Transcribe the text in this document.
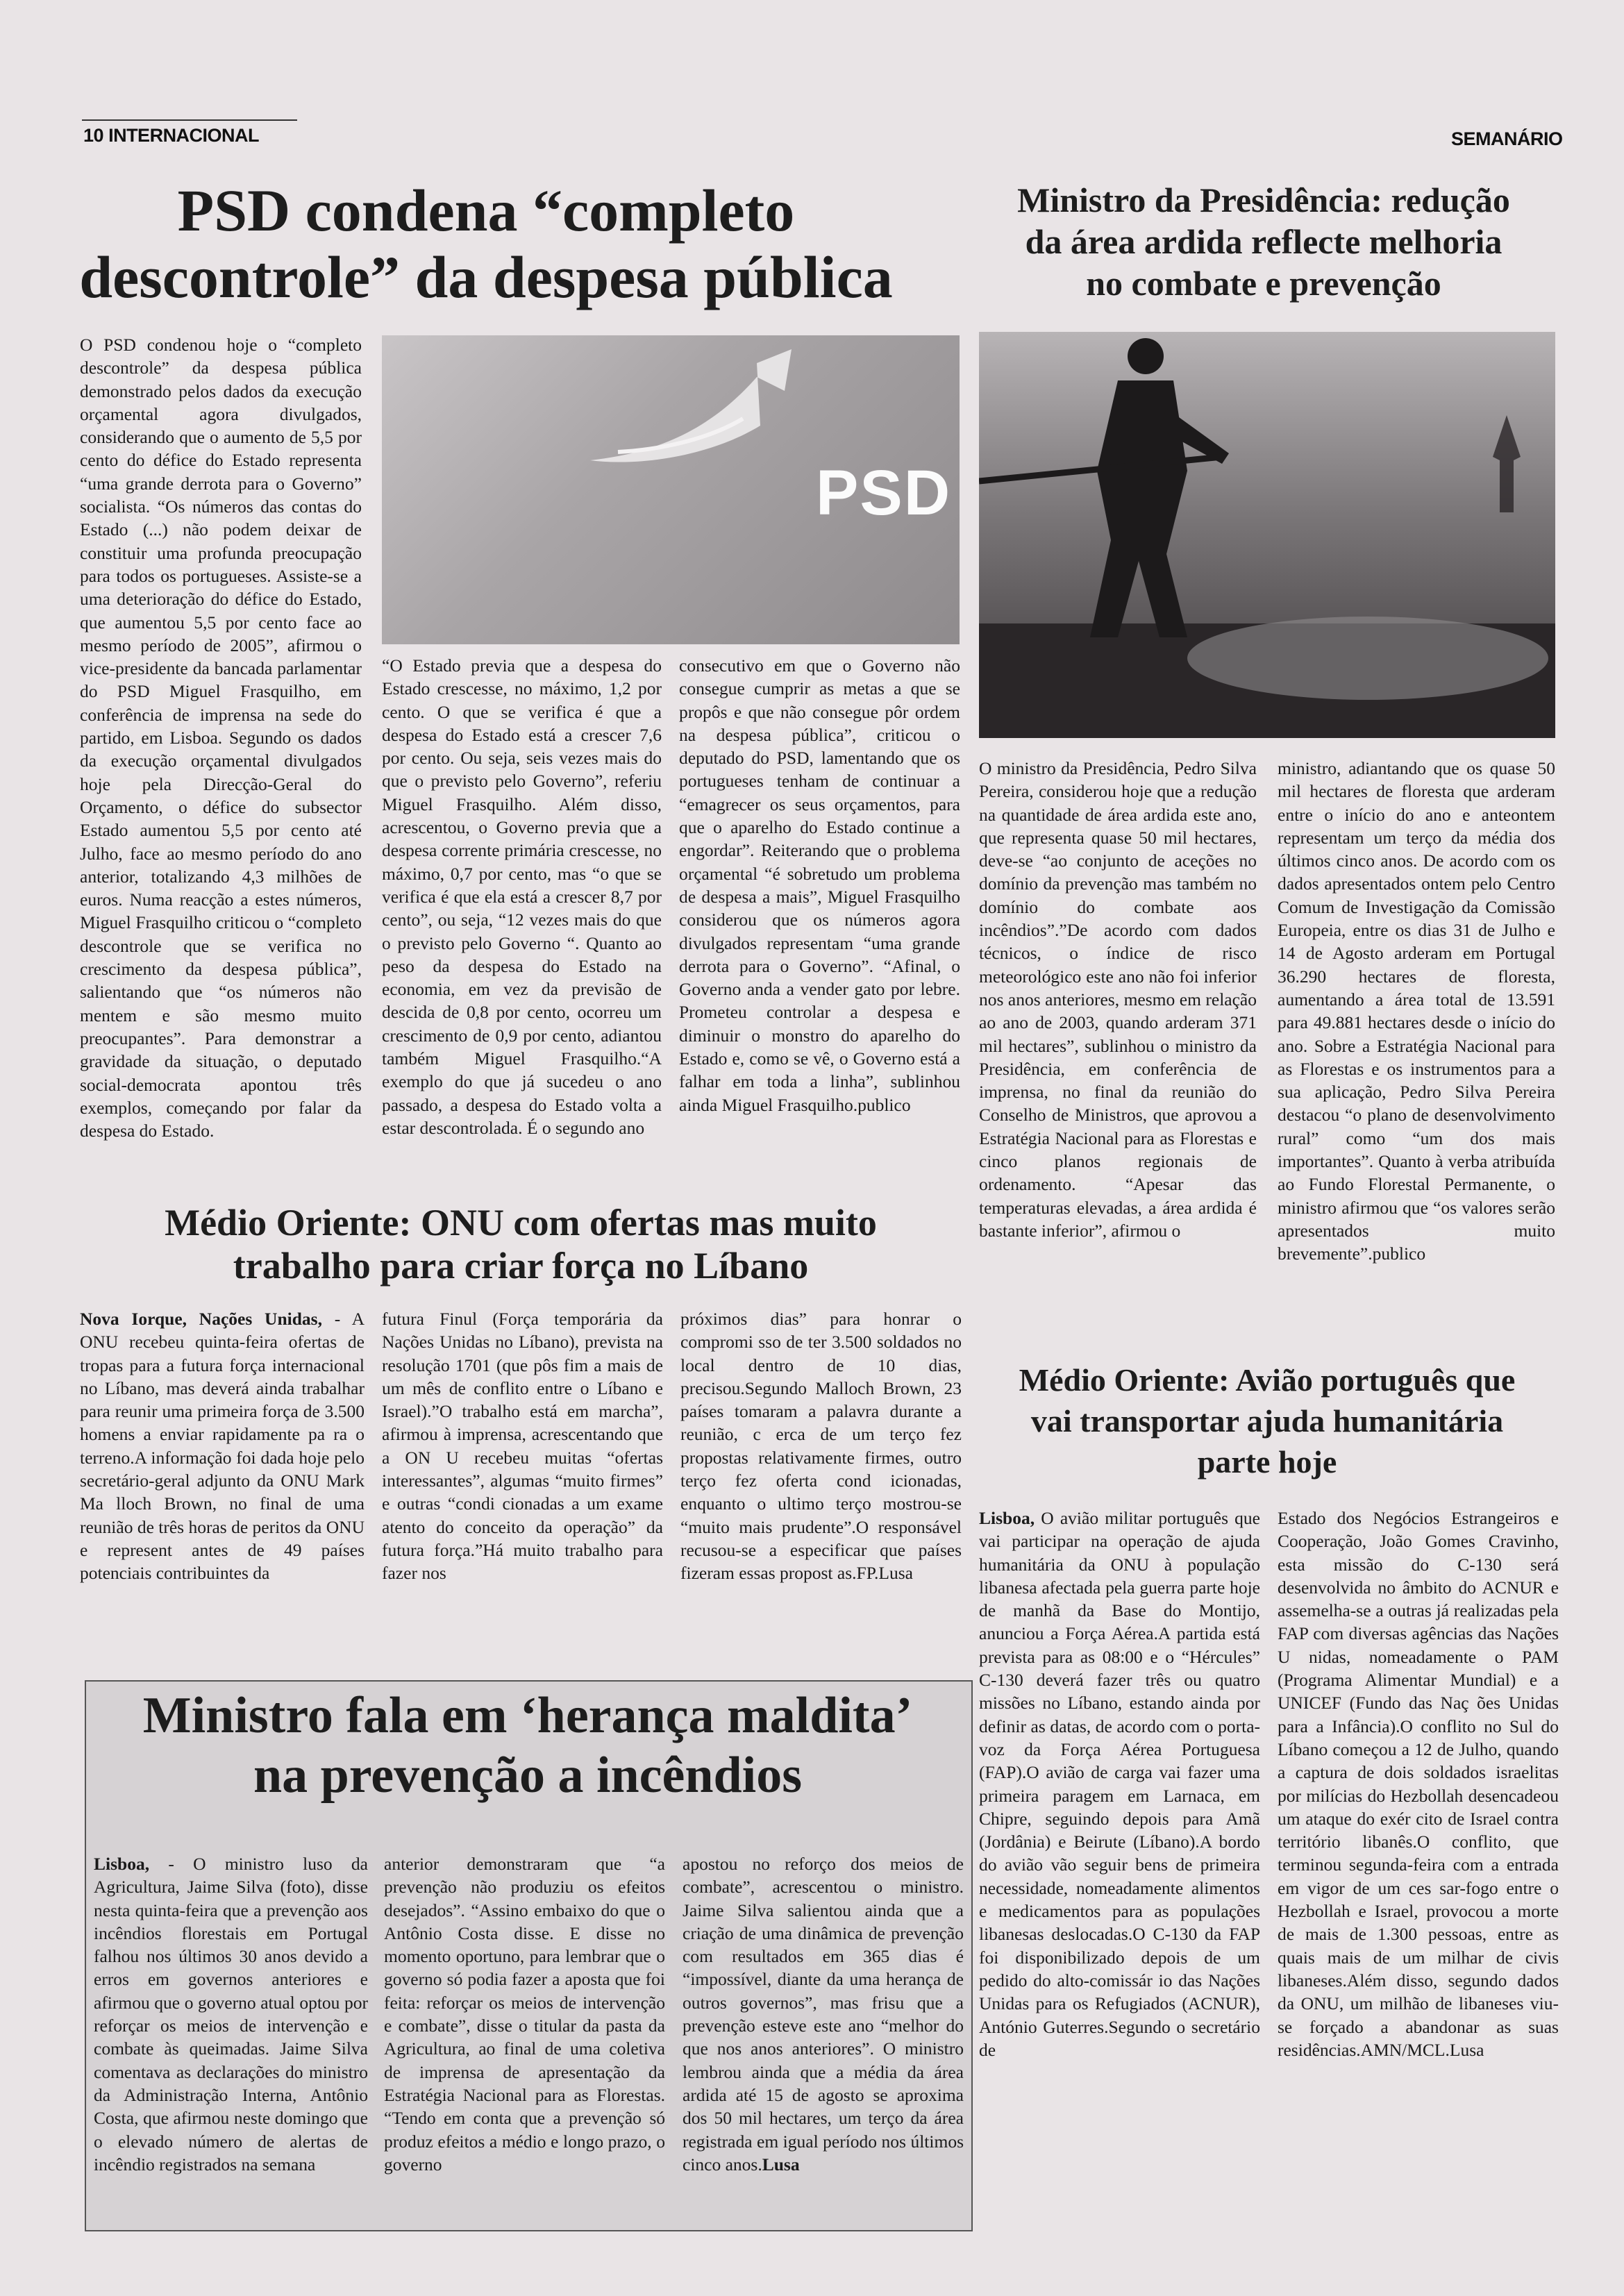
10 INTERNACIONAL	SEMANÁRIO
PSD condena “completo
descontrole” da despesa pública
PSD

O PSD condenou hoje o “completo descontrole” da despesa pública demonstrado pelos dados da execução orçamental agora divulgados, considerando que o aumento de 5,5 por cento do défice do Estado representa “uma grande derrota para o Governo” socialista. “Os números das contas do Estado (...) não podem deixar de constituir uma profunda preocupação para todos os portugueses. Assiste-se a uma deterioração do défice do Estado, que aumentou 5,5 por cento face ao mesmo período de 2005”, afirmou o vice-presidente da bancada parlamentar do PSD Miguel Frasquilho, em conferência de imprensa na sede do partido, em Lisboa. Segundo os dados da execução orçamental divulgados hoje pela Direcção-Geral do Orçamento, o défice do subsector Estado aumentou 5,5 por cento até Julho, face ao mesmo período do ano anterior, totalizando 4,3 milhões de euros. Numa reacção a estes números, Miguel Frasquilho criticou o “completo descontrole que se verifica no crescimento da despesa pública”, salientando que “os números não mentem e são mesmo muito preocupantes”. Para demonstrar a gravidade da situação, o deputado social-democrata apontou três exemplos, começando por falar da despesa do Estado.

“O Estado previa que a despesa do Estado crescesse, no máximo, 1,2 por cento. O que se verifica é que a despesa do Estado está a crescer 7,6 por cento. Ou seja, seis vezes mais do que o previsto pelo Governo”, referiu Miguel Frasquilho. Além disso, acrescentou, o Governo previa que a despesa corrente primária crescesse, no máximo, 0,7 por cento, mas “o que se verifica é que ela está a crescer 8,7 por cento”, ou seja, “12 vezes mais do que o previsto pelo Governo “. Quanto ao peso da despesa do Estado na economia, em vez da previsão de descida de 0,8 por cento, ocorreu um crescimento de 0,9 por cento, adiantou também Miguel Frasquilho.“A exemplo do que já sucedeu o ano passado, a despesa do Estado volta a estar descontrolada. É o segundo ano

consecutivo em que o Governo não consegue cumprir as metas a que se propôs e que não consegue pôr ordem na despesa pública”, criticou o deputado do PSD, lamentando que os portugueses tenham de continuar a “emagrecer os seus orçamentos, para que o aparelho do Estado continue a engordar”. Reiterando que o problema orçamental “é sobretudo um problema de despesa a mais”, Miguel Frasquilho considerou que os números agora divulgados representam “uma grande derrota para o Governo”. “Afinal, o Governo anda a vender gato por lebre. Prometeu controlar a despesa e diminuir o monstro do aparelho do Estado e, como se vê, o Governo está a falhar em toda a linha”, sublinhou ainda Miguel Frasquilho.publico

Ministro da Presidência: redução
da área ardida reflecte melhoria
no combate e prevenção

O ministro da Presidência, Pedro Silva Pereira, considerou hoje que a redução na quantidade de área ardida este ano, que representa quase 50 mil hectares, deve-se “ao conjunto de aceções no domínio da prevenção mas também no domínio do combate aos incêndios”.”De acordo com dados técnicos, o índice de risco meteorológico este ano não foi inferior nos anos anteriores, mesmo em relação ao ano de 2003, quando arderam 371 mil hectares”, sublinhou o ministro da Presidência, em conferência de imprensa, no final da reunião do Conselho de Ministros, que aprovou a Estratégia Nacional para as Florestas e cinco planos regionais de ordenamento. “Apesar das temperaturas elevadas, a área ardida é bastante inferior”, afirmou o

ministro, adiantando que os quase 50 mil hectares de floresta que arderam entre o início do ano e anteontem representam um terço da média dos últimos cinco anos. De acordo com os dados apresentados ontem pelo Centro Comum de Investigação da Comissão Europeia, entre os dias 31 de Julho e 14 de Agosto arderam em Portugal 36.290 hectares de floresta, aumentando a área total de 13.591 para 49.881 hectares desde o início do ano. Sobre a Estratégia Nacional para as Florestas e os instrumentos para a sua aplicação, Pedro Silva Pereira destacou “o plano de desenvolvimento rural” como “um dos mais importantes”. Quanto à verba atribuída ao Fundo Florestal Permanente, o ministro afirmou que “os valores serão apresentados muito brevemente”.publico

Médio Oriente: ONU com ofertas mas muito
trabalho para criar força no Líbano

Nova Iorque, Nações Unidas, - A ONU recebeu quinta-feira ofertas de tropas para a futura força internacional no Líbano, mas deverá ainda trabalhar para reunir uma primeira força de 3.500 homens a enviar rapidamente pa ra o terreno.A informação foi dada hoje pelo secretário-geral adjunto da ONU Mark Ma lloch Brown, no final de uma reunião de três horas de peritos da ONU e represent antes de 49 países potenciais contribuintes da

futura Finul (Força temporária da Nações Unidas no Líbano), prevista na resolução 1701 (que pôs fim a mais de um mês de conflito entre o Líbano e Israel).”O trabalho está em marcha”, afirmou à imprensa, acrescentando que a ON U recebeu muitas “ofertas interessantes”, algumas “muito firmes” e outras “condi cionadas a um exame atento do conceito da operação” da futura força.”Há muito trabalho para fazer nos

próximos dias” para honrar o compromi sso de ter 3.500 soldados no local dentro de 10 dias, precisou.Segundo Malloch Brown, 23 países tomaram a palavra durante a reunião, c erca de um terço fez propostas relativamente firmes, outro terço fez oferta cond icionadas, enquanto o ultimo terço mostrou-se “muito mais prudente”.O responsável recusou-se a especificar que países fizeram essas propost as.FP.Lusa

Médio Oriente: Avião português que
vai transportar ajuda humanitária
parte hoje

Lisboa, O avião militar português que vai participar na operação de ajuda humanitária da ONU à população libanesa afectada pela guerra parte hoje de manhã da Base do Montijo, anunciou a Força Aérea.A partida está prevista para as 08:00 e o “Hércules” C-130 deverá fazer três ou quatro missões no Líbano, estando ainda por definir as datas, de acordo com o porta-voz da Força Aérea Portuguesa (FAP).O avião de carga vai fazer uma primeira paragem em Larnaca, em Chipre, seguindo depois para Amã (Jordânia) e Beirute (Líbano).A bordo do avião vão seguir bens de primeira necessidade, nomeadamente alimentos e medicamentos para as populações libanesas deslocadas.O C-130 da FAP foi disponibilizado depois de um pedido do alto-comissár io das Nações Unidas para os Refugiados (ACNUR), António Guterres.Segundo o secretário de

Estado dos Negócios Estrangeiros e Cooperação, João Gomes Cravinho, esta missão do C-130 será desenvolvida no âmbito do ACNUR e assemelha-se a outras já realizadas pela FAP com diversas agências das Nações U nidas, nomeadamente o PAM (Programa Alimentar Mundial) e a UNICEF (Fundo das Naç ões Unidas para a Infância).O conflito no Sul do Líbano começou a 12 de Julho, quando a captura de dois soldados israelitas por milícias do Hezbollah desencadeou um ataque do exér cito de Israel contra território libanês.O conflito, que terminou segunda-feira com a entrada em vigor de um ces sar-fogo entre o Hezbollah e Israel, provocou a morte de mais de 1.300 pessoas, entre as quais mais de um milhar de civis libaneses.Além disso, segundo dados da ONU, um milhão de libaneses viu-se forçado a abandonar as suas residências.AMN/MCL.Lusa

Ministro fala em ‘herança maldita’
na prevenção a incêndios

Lisboa, - O ministro luso da Agricultura, Jaime Silva (foto), disse nesta quinta-feira que a prevenção aos incêndios florestais em Portugal falhou nos últimos 30 anos devido a erros em governos anteriores e afirmou que o governo atual optou por reforçar os meios de intervenção e combate às queimadas. Jaime Silva comentava as declarações do ministro da Administração Interna, Antônio Costa, que afirmou neste domingo que o elevado número de alertas de incêndio registrados na semana

anterior demonstraram que “a prevenção não produziu os efeitos desejados”. “Assino embaixo do que o Antônio Costa disse. E disse no momento oportuno, para lembrar que o governo só podia fazer a aposta que foi feita: reforçar os meios de intervenção e combate”, disse o titular da pasta da Agricultura, ao final de uma coletiva de imprensa de apresentação da Estratégia Nacional para as Florestas. “Tendo em conta que a prevenção só produz efeitos a médio e longo prazo, o governo

apostou no reforço dos meios de combate”, acrescentou o ministro. Jaime Silva salientou ainda que a criação de uma dinâmica de prevenção com resultados em 365 dias é “impossível, diante da uma herança de outros governos”, mas frisu que a prevenção esteve este ano “melhor do que nos anos anteriores”. O ministro lembrou ainda que a média da área ardida até 15 de agosto se aproxima dos 50 mil hectares, um terço da área registrada em igual período nos últimos cinco anos.Lusa
